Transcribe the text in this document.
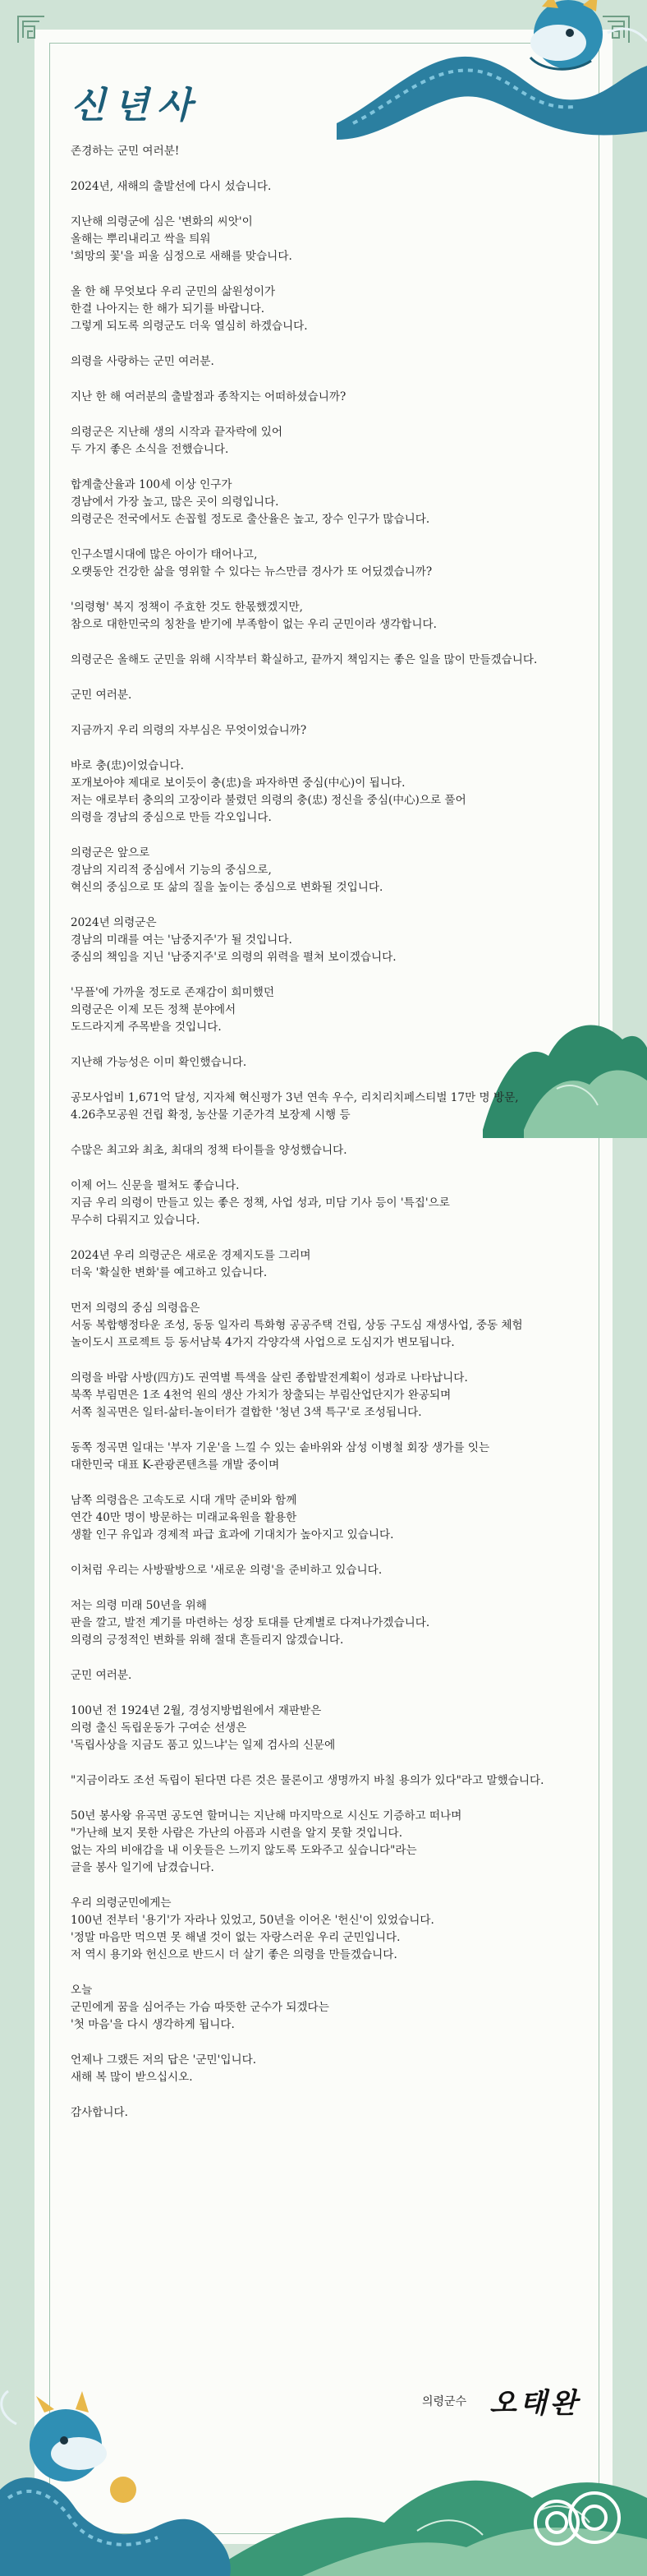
신년사

존경하는 군민 여러분!

2024년, 새해의 출발선에 다시 섰습니다.

지난해 의령군에 심은 '변화의 씨앗'이
올해는 뿌리내리고 싹을 틔워
'희망의 꽃'을 피울 심정으로 새해를 맞습니다.

올 한 해 무엇보다 우리 군민의 삶원성이가
한결 나아지는 한 해가 되기를 바랍니다.
그렇게 되도록 의령군도 더욱 열심히 하겠습니다.

의령을 사랑하는 군민 여러분.

지난 한 해 여러분의 출발점과 종착지는 어떠하셨습니까?

의령군은 지난해 생의 시작과 끝자락에 있어
두 가지 좋은 소식을 전했습니다.

합계출산율과 100세 이상 인구가
경남에서 가장 높고, 많은 곳이 의령입니다.
의령군은 전국에서도 손꼽힐 정도로 출산율은 높고, 장수 인구가 많습니다.

인구소멸시대에 많은 아이가 태어나고,
오랫동안 건강한 삶을 영위할 수 있다는 뉴스만큼 경사가 또 어딨겠습니까?

'의령형' 복지 정책이 주효한 것도 한몫했겠지만,
참으로 대한민국의 칭찬을 받기에 부족함이 없는 우리 군민이라 생각합니다.

의령군은 올해도 군민을 위해 시작부터 확실하고, 끝까지 책임지는 좋은 일을 많이 만들겠습니다.

군민 여러분.

지금까지 우리 의령의 자부심은 무엇이었습니까?

바로 충(忠)이었습니다.
포개보아야 제대로 보이듯이 충(忠)을 파자하면 중심(中心)이 됩니다.
저는 애로부터 충의의 고장이라 불렸던 의령의 충(忠) 정신을 중심(中心)으로 풀어
의령을 경남의 중심으로 만들 각오입니다.

의령군은 앞으로
경남의 지리적 중심에서 기능의 중심으로,
혁신의 중심으로 또 삶의 질을 높이는 중심으로 변화될 것입니다.

2024년 의령군은
경남의 미래를 여는 '남중지주'가 될 것입니다.
중심의 책임을 지닌 '남중지주'로 의령의 위력을 펼쳐 보이겠습니다.

'무플'에 가까울 정도로 존재감이 희미했던
의령군은 이제 모든 정책 분야에서
도드라지게 주목받을 것입니다.

지난해 가능성은 이미 확인했습니다.

공모사업비 1,671억 달성, 지자체 혁신평가 3년 연속 우수, 리치리치페스티벌 17만 명 방문,
4.26추모공원 건립 확정, 농산물 기준가격 보장제 시행 등

수많은 최고와 최초, 최대의 정책 타이틀을 양성했습니다.

이제 어느 신문을 펼쳐도 좋습니다.
지금 우리 의령이 만들고 있는 좋은 정책, 사업 성과, 미담 기사 등이 '특집'으로
무수히 다뤄지고 있습니다.

2024년 우리 의령군은 새로운 경제지도를 그리며
더욱 '확실한 변화'를 예고하고 있습니다.

먼저 의령의 중심 의령읍은
서동 복합행정타운 조성, 동동 일자리 특화형 공공주택 건립, 상동 구도심 재생사업, 중동 체험
놀이도시 프로젝트 등 동서남북 4가지 각양각색 사업으로 도심지가 변모됩니다.

의령을 바람 사방(四方)도 권역별 특색을 살린 종합발전계획이 성과로 나타납니다.
북쪽 부림면은 1조 4천억 원의 생산 가치가 창출되는 부림산업단지가 완공되며
서쪽 칠곡면은 일터-삶터-놀이터가 결합한 '청년 3색 특구'로 조성됩니다.

동쪽 정곡면 일대는 '부자 기운'을 느낄 수 있는 솥바위와 삼성 이병철 회장 생가를 잇는
대한민국 대표 K-관광콘텐츠를 개발 중이며

남쪽 의령읍은 고속도로 시대 개막 준비와 함께
연간 40만 명이 방문하는 미래교육원을 활용한
생활 인구 유입과 경제적 파급 효과에 기대치가 높아지고 있습니다.

이처럼 우리는 사방팔방으로 '새로운 의령'을 준비하고 있습니다.

저는 의령 미래 50년을 위해
판을 깔고, 발전 계기를 마련하는 성장 토대를 단계별로 다져나가겠습니다.
의령의 긍정적인 변화를 위해 절대 흔들리지 않겠습니다.

군민 여러분.

100년 전 1924년 2월, 경성지방법원에서 재판받은
의령 출신 독립운동가 구여순 선생은
'독립사상을 지금도 품고 있느냐'는 일제 검사의 신문에

"지금이라도 조선 독립이 된다면 다른 것은 물론이고 생명까지 바칠 용의가 있다"라고 말했습니다.

50년 봉사왕 유곡면 공도연 할머니는 지난해 마지막으로 시신도 기증하고 떠나며
"가난해 보지 못한 사람은 가난의 아픔과 시련을 알지 못할 것입니다.
없는 자의 비애감을 내 이웃들은 느끼지 않도록 도와주고 싶습니다"라는
글을 봉사 일기에 남겼습니다.

우리 의령군민에게는
100년 전부터 '용기'가 자라나 있었고, 50년을 이어온 '헌신'이 있었습니다.
'정말 마음만 먹으면 못 해낼 것이 없는 자랑스러운 우리 군민입니다.
저 역시 용기와 헌신으로 반드시 더 살기 좋은 의령을 만들겠습니다.

오늘
군민에게 꿈을 심어주는 가슴 따뜻한 군수가 되겠다는
'첫 마음'을 다시 생각하게 됩니다.

언제나 그랬든 저의 답은 '군민'입니다.
새해 복 많이 받으십시오.

감사합니다.

의령군수 오태완
